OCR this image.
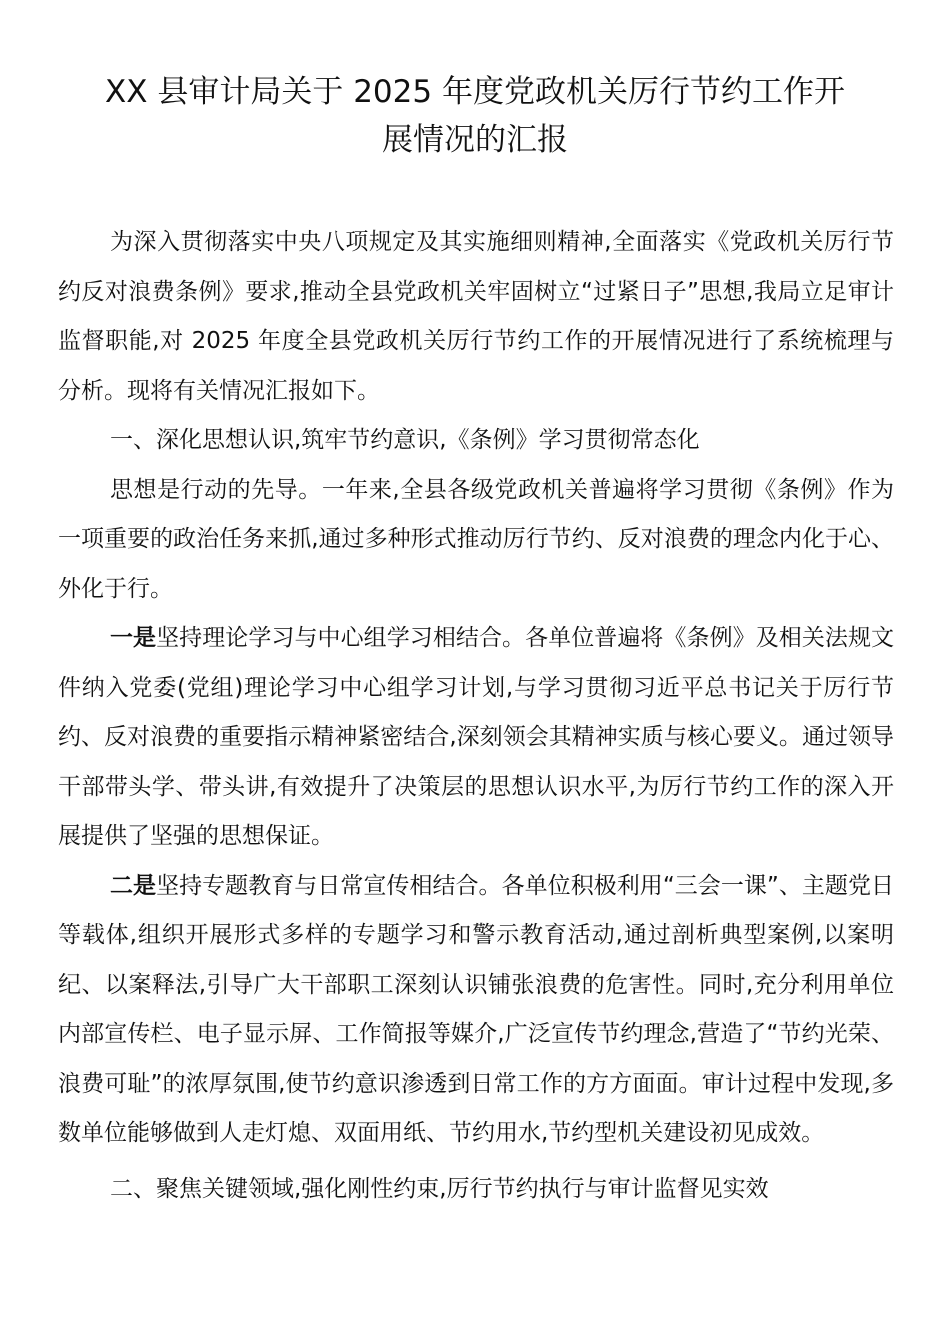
XX 县审计局关于 2025 年度党政机关厉行节约工作开
展情况的汇报

为深入贯彻落实中央八项规定及其实施细则精神,全面落实《党政机关厉行节约反对浪费条例》要求,推动全县党政机关牢固树立“过紧日子”思想,我局立足审计监督职能,对 2025 年度全县党政机关厉行节约工作的开展情况进行了系统梳理与分析。现将有关情况汇报如下。

一、深化思想认识,筑牢节约意识,《条例》学习贯彻常态化

思想是行动的先导。一年来,全县各级党政机关普遍将学习贯彻《条例》作为一项重要的政治任务来抓,通过多种形式推动厉行节约、反对浪费的理念内化于心、外化于行。

一是坚持理论学习与中心组学习相结合。各单位普遍将《条例》及相关法规文件纳入党委(党组)理论学习中心组学习计划,与学习贯彻习近平总书记关于厉行节约、反对浪费的重要指示精神紧密结合,深刻领会其精神实质与核心要义。通过领导干部带头学、带头讲,有效提升了决策层的思想认识水平,为厉行节约工作的深入开展提供了坚强的思想保证。

二是坚持专题教育与日常宣传相结合。各单位积极利用“三会一课”、主题党日等载体,组织开展形式多样的专题学习和警示教育活动,通过剖析典型案例,以案明纪、以案释法,引导广大干部职工深刻认识铺张浪费的危害性。同时,充分利用单位内部宣传栏、电子显示屏、工作简报等媒介,广泛宣传节约理念,营造了“节约光荣、浪费可耻”的浓厚氛围,使节约意识渗透到日常工作的方方面面。审计过程中发现,多数单位能够做到人走灯熄、双面用纸、节约用水,节约型机关建设初见成效。

二、聚焦关键领域,强化刚性约束,厉行节约执行与审计监督见实效
